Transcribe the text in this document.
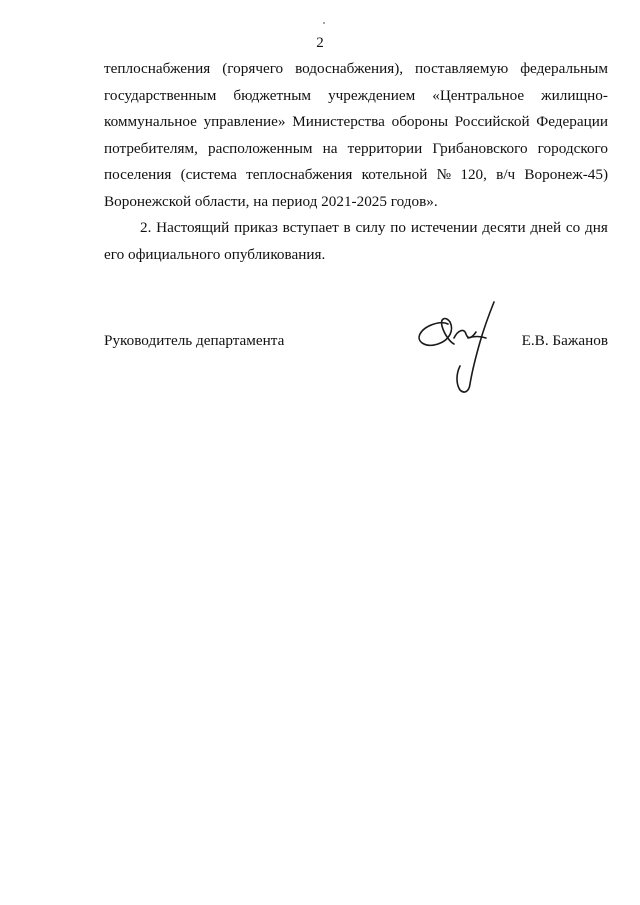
2
теплоснабжения (горячего водоснабжения), поставляемую федеральным
государственным бюджетным учреждением «Центральное жилищно-
коммунальное управление» Министерства обороны Российской Федерации
потребителям, расположенным на территории Грибановского городского
поселения (система теплоснабжения котельной № 120, в/ч Воронеж-45)
Воронежской области, на период 2021-2025 годов».
2. Настоящий приказ вступает в силу по истечении десяти дней со дня
его официального опубликования.
Руководитель департамента	Е.В. Бажанов
